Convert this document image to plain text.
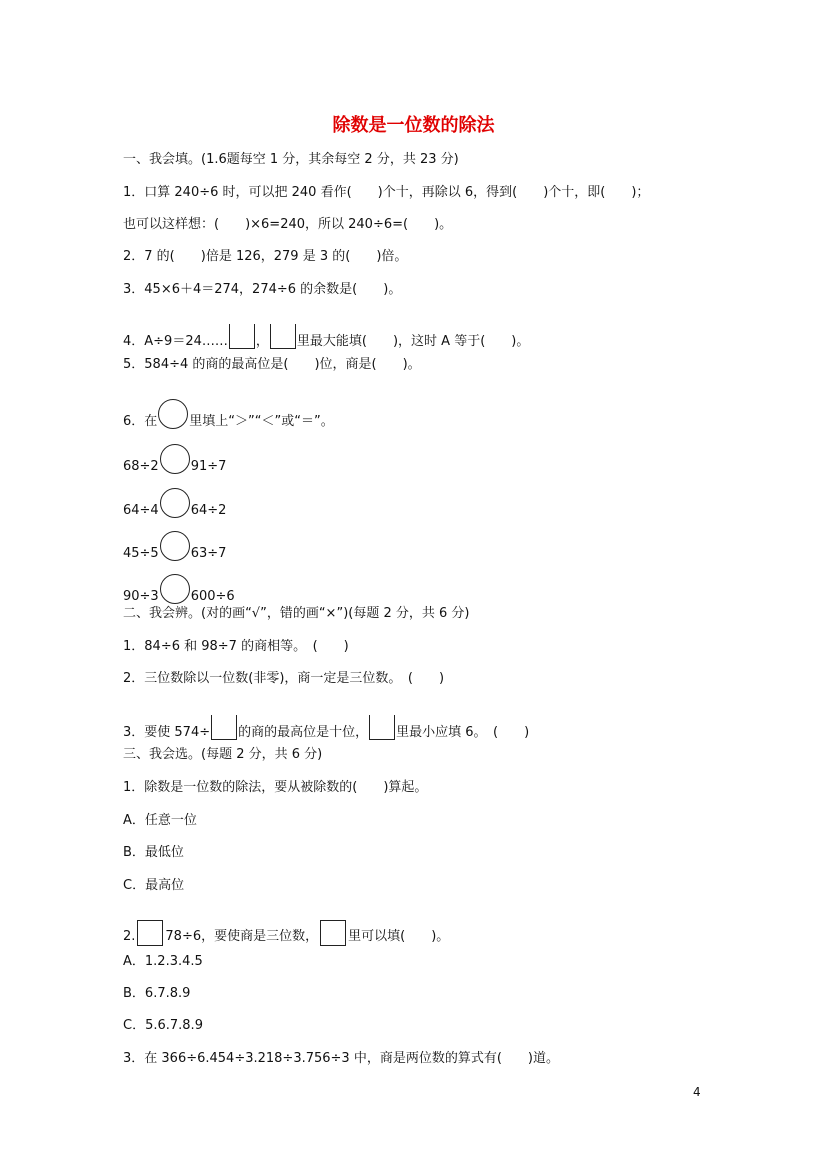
除数是一位数的除法
一、我会填。(1.6题每空 1 分，其余每空 2 分，共 23 分)
1．口算 240÷6 时，可以把 240 看作(　　)个十，再除以 6，得到(　　)个十，即(　　)；
也可以这样想：(　　)×6=240，所以 240÷6=(　　)。
2．7 的(　　)倍是 126，279 是 3 的(　　)倍。
3．45×6＋4＝274，274÷6 的余数是(　　)。
4．A÷9＝24…… ， 里最大能填(　　)，这时 A 等于(　　)。
5．584÷4 的商的最高位是(　　)位，商是(　　)。
6．在 里填上“＞”“＜”或“＝”。
68÷2 91÷7
64÷4 64÷2
45÷5 63÷7
90÷3 600÷6
二、我会辨。(对的画“√”，错的画“×”)(每题 2 分，共 6 分)
1．84÷6 和 98÷7 的商相等。　(　　)
2．三位数除以一位数(非零)，商一定是三位数。　(　　)
3．要使 574÷ 的商的最高位是十位， 里最小应填 6。　(　　)
三、我会选。(每题 2 分，共 6 分)
1．除数是一位数的除法，要从被除数的(　　)算起。
A．任意一位
B．最低位
C．最高位
2. 78÷6，要使商是三位数， 里可以填(　　)。
A．1.2.3.4.5
B．6.7.8.9
C．5.6.7.8.9
3．在 366÷6.454÷3.218÷3.756÷3 中，商是两位数的算式有(　　)道。
4
